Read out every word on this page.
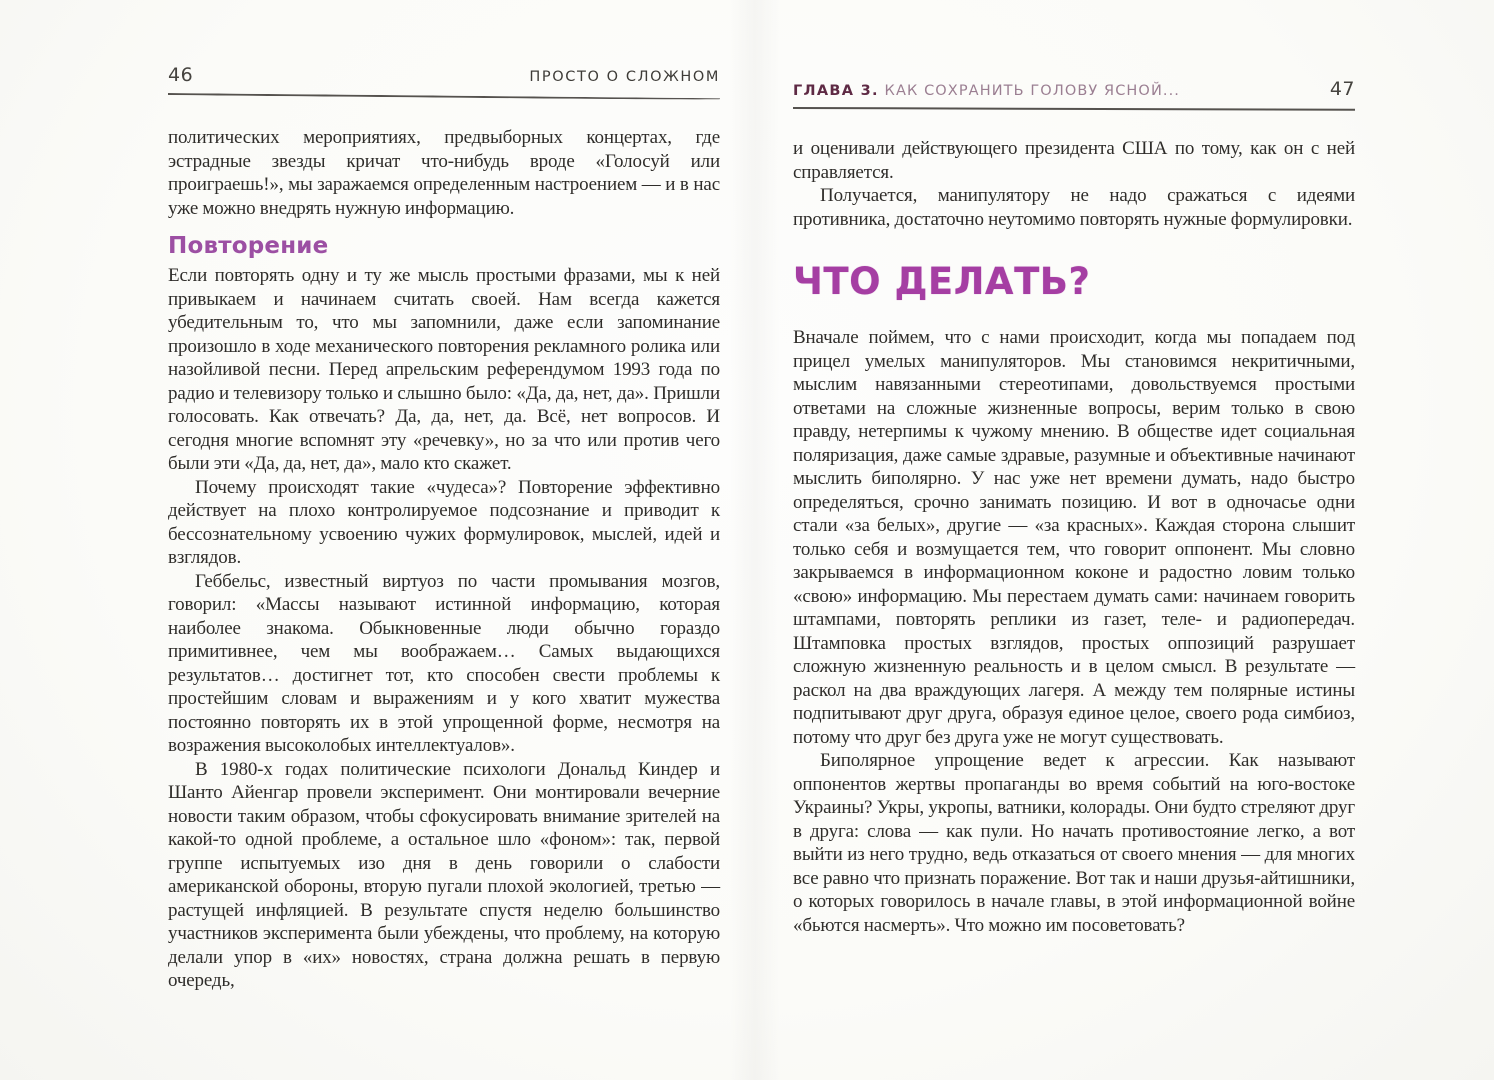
46	ПРОСТО О СЛОЖНОМ

политических мероприятиях, предвыборных концертах, где эстрадные звезды кричат что-нибудь вроде «Голосуй или проиграешь!», мы заражаемся определенным настроением — и в нас уже можно внедрять нужную информацию.

Повторение

Если повторять одну и ту же мысль простыми фразами, мы к ней привыкаем и начинаем считать своей. Нам всегда кажется убедительным то, что мы запомнили, даже если запоминание произошло в ходе механического повторения рекламного ролика или назойливой песни. Перед апрельским референдумом 1993 года по радио и телевизору только и слышно было: «Да, да, нет, да». Пришли голосовать. Как отвечать? Да, да, нет, да. Всё, нет вопросов. И сегодня многие вспомнят эту «речевку», но за что или против чего были эти «Да, да, нет, да», мало кто скажет.

Почему происходят такие «чудеса»? Повторение эффективно действует на плохо контролируемое подсознание и приводит к бессознательному усвоению чужих формулировок, мыслей, идей и взглядов.

Геббельс, известный виртуоз по части промывания мозгов, говорил: «Массы называют истинной информацию, которая наиболее знакома. Обыкновенные люди обычно гораздо примитивнее, чем мы воображаем… Самых выдающихся результатов… достигнет тот, кто способен свести проблемы к простейшим словам и выражениям и у кого хватит мужества постоянно повторять их в этой упрощенной форме, несмотря на возражения высоколобых интеллектуалов».

В 1980-х годах политические психологи Дональд Киндер и Шанто Айенгар провели эксперимент. Они монтировали вечерние новости таким образом, чтобы сфокусировать внимание зрителей на какой-то одной проблеме, а остальное шло «фоном»: так, первой группе испытуемых изо дня в день говорили о слабости американской обороны, вторую пугали плохой экологией, третью — растущей инфляцией. В результате спустя неделю большинство участников эксперимента были убеждены, что проблему, на которую делали упор в «их» новостях, страна должна решать в первую очередь,

ГЛАВА 3. КАК СОХРАНИТЬ ГОЛОВУ ЯСНОЙ...	47

и оценивали действующего президента США по тому, как он с ней справляется.

Получается, манипулятору не надо сражаться с идеями противника, достаточно неутомимо повторять нужные формулировки.

ЧТО ДЕЛАТЬ?

Вначале поймем, что с нами происходит, когда мы попадаем под прицел умелых манипуляторов. Мы становимся некритичными, мыслим навязанными стереотипами, довольствуемся простыми ответами на сложные жизненные вопросы, верим только в свою правду, нетерпимы к чужому мнению. В обществе идет социальная поляризация, даже самые здравые, разумные и объективные начинают мыслить биполярно. У нас уже нет времени думать, надо быстро определяться, срочно занимать позицию. И вот в одночасье одни стали «за белых», другие — «за красных». Каждая сторона слышит только себя и возмущается тем, что говорит оппонент. Мы словно закрываемся в информационном коконе и радостно ловим только «свою» информацию. Мы перестаем думать сами: начинаем говорить штампами, повторять реплики из газет, теле- и радиопередач. Штамповка простых взглядов, простых оппозиций разрушает сложную жизненную реальность и в целом смысл. В результате — раскол на два враждующих лагеря. А между тем полярные истины подпитывают друг друга, образуя единое целое, своего рода симбиоз, потому что друг без друга уже не могут существовать.

Биполярное упрощение ведет к агрессии. Как называют оппонентов жертвы пропаганды во время событий на юго-востоке Украины? Укры, укропы, ватники, колорады. Они будто стреляют друг в друга: слова — как пули. Но начать противостояние легко, а вот выйти из него трудно, ведь отказаться от своего мнения — для многих все равно что признать поражение. Вот так и наши друзья-айтишники, о которых говорилось в начале главы, в этой информационной войне «бьются насмерть». Что можно им посоветовать?
